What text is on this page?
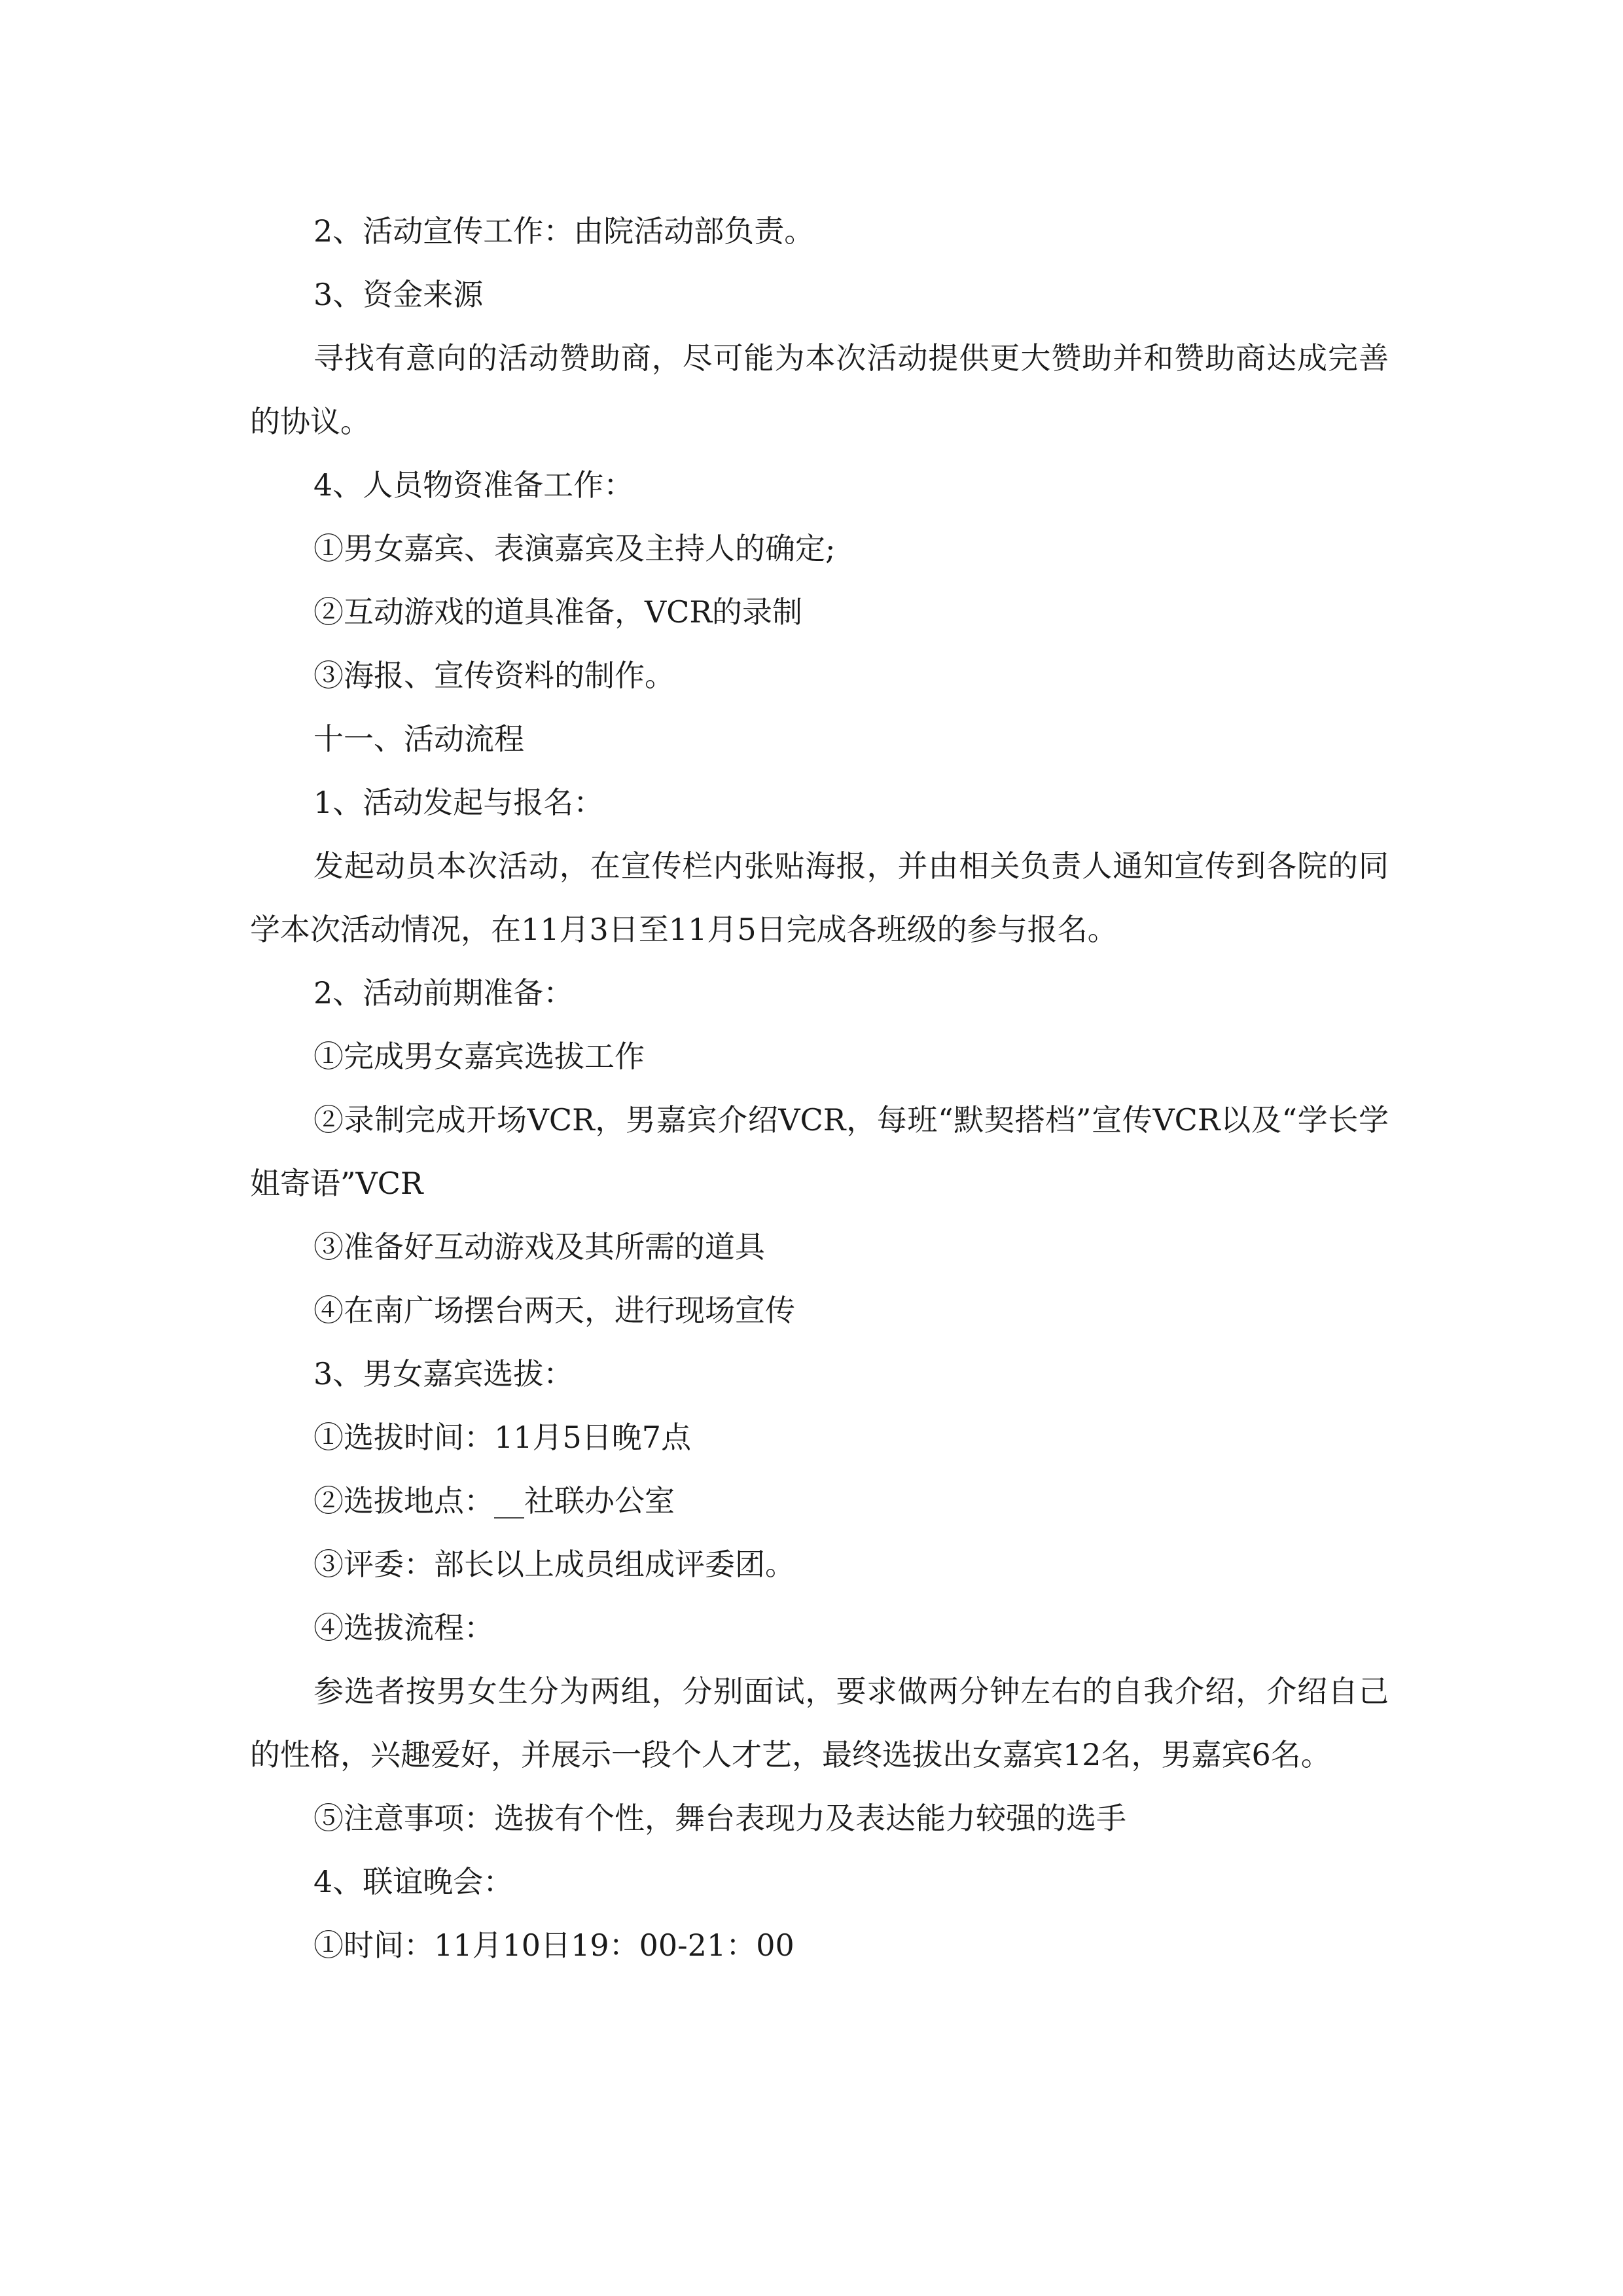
2、活动宣传工作：由院活动部负责。

3、资金来源

寻找有意向的活动赞助商，尽可能为本次活动提供更大赞助并和赞助商达成完善的协议。

4、人员物资准备工作：

①男女嘉宾、表演嘉宾及主持人的确定;

②互动游戏的道具准备，VCR的录制

③海报、宣传资料的制作。

十一、活动流程

1、活动发起与报名：

发起动员本次活动，在宣传栏内张贴海报，并由相关负责人通知宣传到各院的同学本次活动情况，在11月3日至11月5日完成各班级的参与报名。

2、活动前期准备：

①完成男女嘉宾选拔工作

②录制完成开场VCR，男嘉宾介绍VCR，每班“默契搭档”宣传VCR以及“学长学姐寄语”VCR

③准备好互动游戏及其所需的道具

④在南广场摆台两天，进行现场宣传

3、男女嘉宾选拔：

①选拔时间：11月5日晚7点

②选拔地点：__社联办公室

③评委：部长以上成员组成评委团。

④选拔流程：

参选者按男女生分为两组，分别面试，要求做两分钟左右的自我介绍，介绍自己的性格，兴趣爱好，并展示一段个人才艺，最终选拔出女嘉宾12名，男嘉宾6名。

⑤注意事项：选拔有个性，舞台表现力及表达能力较强的选手

4、联谊晚会：

①时间：11月10日19：00-21：00
